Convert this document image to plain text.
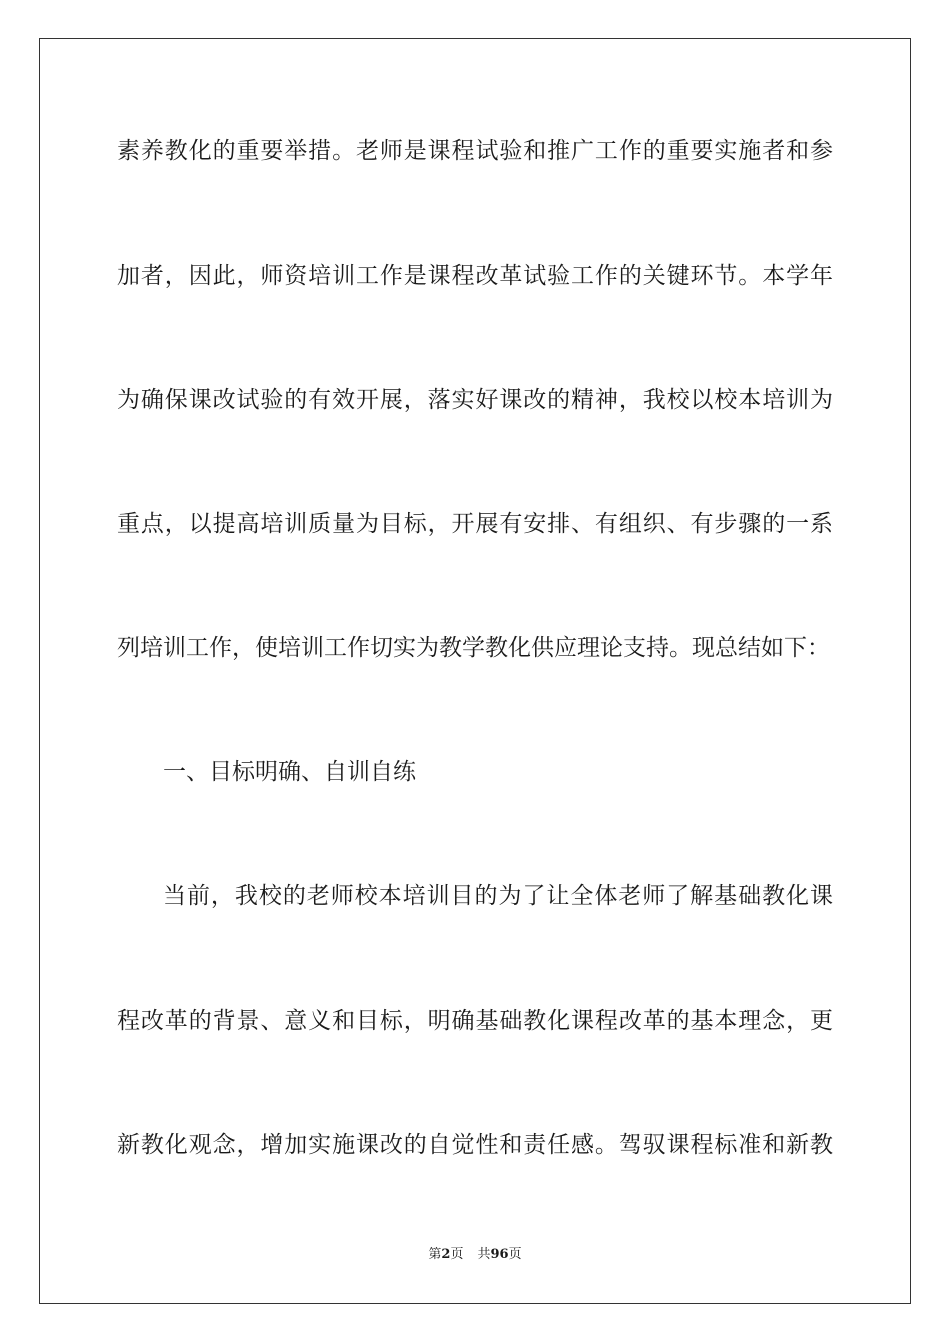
素养教化的重要举措。老师是课程试验和推广工作的重要实施者和参
加者，因此，师资培训工作是课程改革试验工作的关键环节。本学年
为确保课改试验的有效开展，落实好课改的精神，我校以校本培训为
重点，以提高培训质量为目标，开展有安排、有组织、有步骤的一系
列培训工作，使培训工作切实为教学教化供应理论支持。现总结如下：
一、目标明确、自训自练
当前，我校的老师校本培训目的为了让全体老师了解基础教化课
程改革的背景、意义和目标，明确基础教化课程改革的基本理念，更
新教化观念，增加实施课改的自觉性和责任感。驾驭课程标准和新教
第2页 共96页
